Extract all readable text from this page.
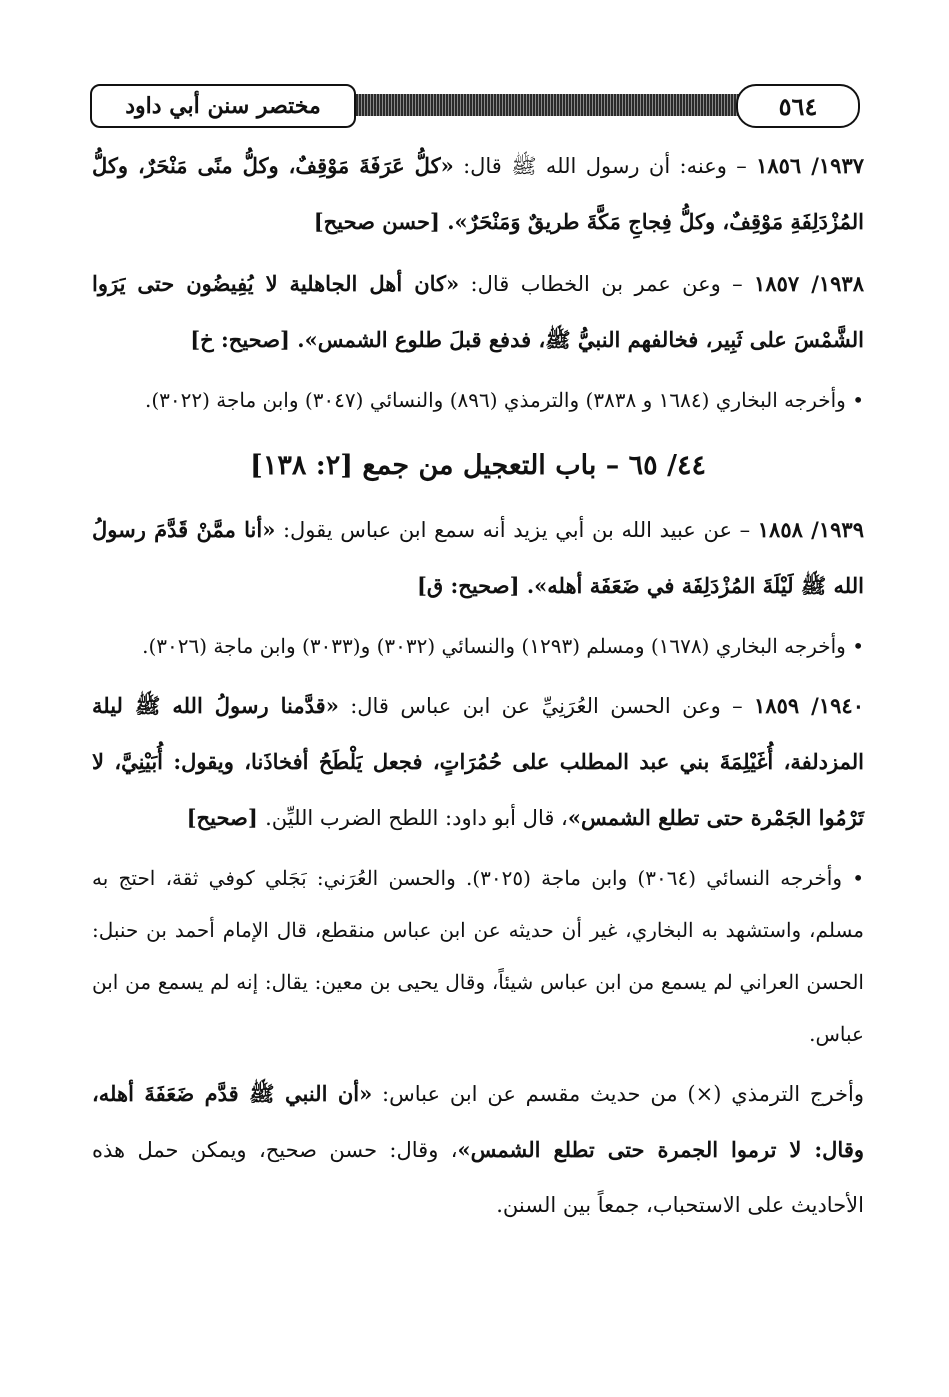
مختصر سنن أبي داود	٥٦٤

١٩٣٧/ ١٨٥٦ – وعنه: أن رسول الله ﷺ قال: «كلُّ عَرَفَةَ مَوْقِفٌ، وكلُّ منًى مَنْحَرٌ، وكلُّ المُزْدَلِفَةِ مَوْقِفٌ، وكلُّ فِجاجِ مَكَّةَ طريقٌ وَمَنْحَرٌ». [حسن صحيح]

١٩٣٨/ ١٨٥٧ – وعن عمر بن الخطاب قال: «كان أهل الجاهلية لا يُفِيضُون حتى يَرَوا الشَّمْسَ على ثَبِير، فخالفهم النبيُّ ﷺ، فدفع قبلَ طلوع الشمس». [صحيح: خ]

• وأخرجه البخاري (١٦٨٤ و ٣٨٣٨) والترمذي (٨٩٦) والنسائي (٣٠٤٧) وابن ماجة (٣٠٢٢).

٤٤/ ٦٥ – باب التعجيل من جمع [٢: ١٣٨]

١٩٣٩/ ١٨٥٨ – عن عبيد الله بن أبي يزيد أنه سمع ابن عباس يقول: «أنا ممَّنْ قَدَّمَ رسولُ الله ﷺ لَيْلَةَ المُزْدَلِفَة في ضَعَفَة أهله». [صحيح: ق]

• وأخرجه البخاري (١٦٧٨) ومسلم (١٢٩٣) والنسائي (٣٠٣٢) و(٣٠٣٣) وابن ماجة (٣٠٢٦).

١٩٤٠/ ١٨٥٩ – وعن الحسن العُرَنِيِّ عن ابن عباس قال: «قدَّمنا رسولُ الله ﷺ ليلة المزدلفة، أُغَيْلِمَةَ بني عبد المطلب على حُمُرَاتٍ، فجعل يَلْطَحُ أفخاذَنا، ويقول: أُبَيْنِيَّ، لا تَرْمُوا الجَمْرة حتى تطلع الشمس»، قال أبو داود: اللطح الضرب الليِّن. [صحيح]

• وأخرجه النسائي (٣٠٦٤) وابن ماجة (٣٠٢٥). والحسن العُرَني: بَجَلي كوفي ثقة، احتج به مسلم، واستشهد به البخاري، غير أن حديثه عن ابن عباس منقطع، قال الإمام أحمد بن حنبل: الحسن العراني لم يسمع من ابن عباس شيئاً، وقال يحيى بن معين: يقال: إنه لم يسمع من ابن عباس.

وأخرج الترمذي (×) من حديث مقسم عن ابن عباس: «أن النبي ﷺ قدَّم ضَعَفَةَ أهله، وقال: لا ترموا الجمرة حتى تطلع الشمس»، وقال: حسن صحيح، ويمكن حمل هذه الأحاديث على الاستحباب، جمعاً بين السنن.
